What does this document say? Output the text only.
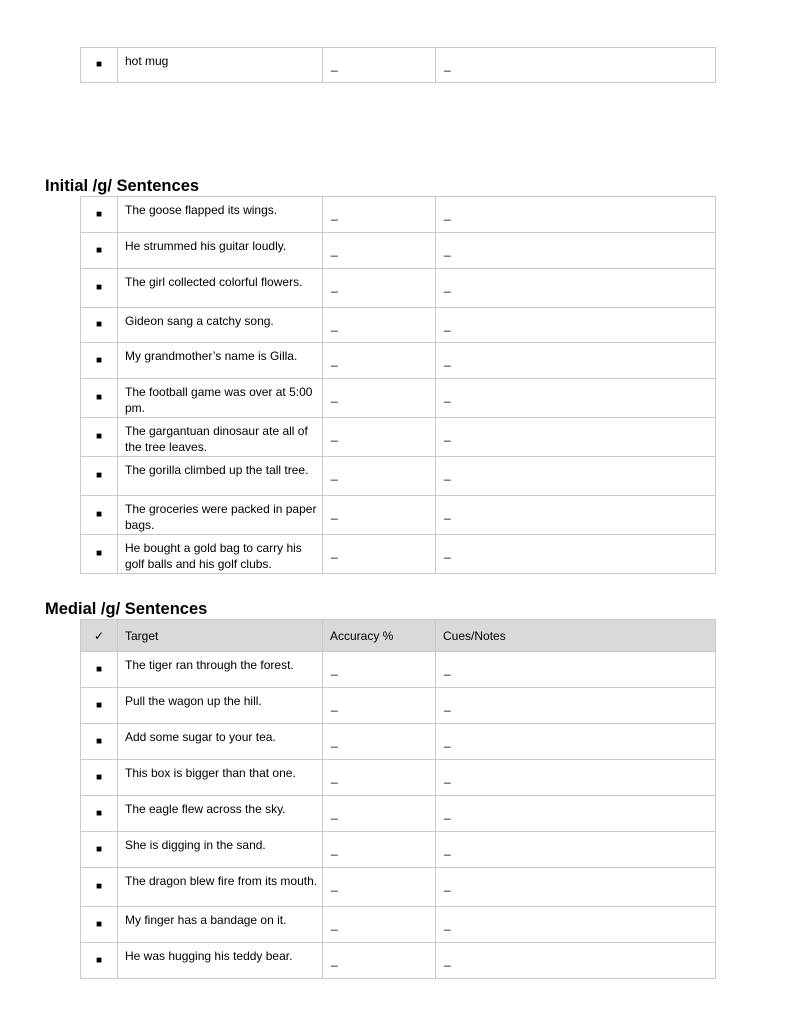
■	hot mug	_	_
Initial /g/ Sentences
■	The goose flapped its wings.	_	_
■	He strummed his guitar loudly.	_	_
■	The girl collected colorful flowers.	_	_
■	Gideon sang a catchy song.	_	_
■	My grandmother’s name is Gilla.	_	_
■	The football game was over at 5:00 pm.	_	_
■	The gargantuan dinosaur ate all of the tree leaves.	_	_
■	The gorilla climbed up the tall tree.	_	_
■	The groceries were packed in paper bags.	_	_
■	He bought a gold bag to carry his golf balls and his golf clubs.	_	_
Medial /g/ Sentences
✓	Target	Accuracy %	Cues/Notes
■	The tiger ran through the forest.	_	_
■	Pull the wagon up the hill.	_	_
■	Add some sugar to your tea.	_	_
■	This box is bigger than that one.	_	_
■	The eagle flew across the sky.	_	_
■	She is digging in the sand.	_	_
■	The dragon blew fire from its mouth.	_	_
■	My finger has a bandage on it.	_	_
■	He was hugging his teddy bear.	_	_
